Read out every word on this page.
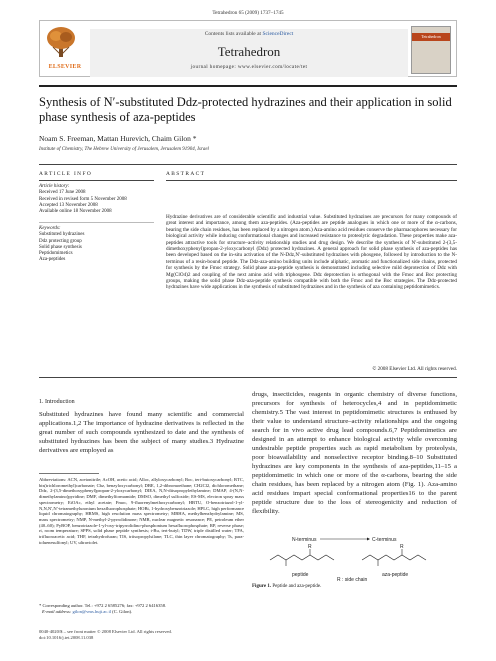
Tetrahedron 65 (2009) 1737–1745
ELSEVIER
Contents lists available at ScienceDirect
Tetrahedron
journal homepage: www.elsevier.com/locate/tet
Tetrahedron
Synthesis of N′-substituted Ddz-protected hydrazines and their application in solid phase synthesis of aza-peptides
Noam S. Freeman, Mattan Hurevich, Chaim Gilon *
Institute of Chemistry, The Hebrew University of Jerusalem, Jerusalem 91904, Israel
ARTICLE INFO	ABSTRACT
Article history:
Received 17 June 2008
Received in revised form 5 November 2008
Accepted 13 November 2008
Available online 18 November 2008
Keywords:
Substituted hydrazines
Ddz protecting group
Solid phase synthesis
Peptidomimetics
Aza-peptides
Hydrazine derivatives are of considerable scientific and industrial value. Substituted hydrazines are precursors for many compounds of great interest and importance, among them aza-peptides. (Aza-peptides are peptide analogues in which one or more of the α-carbons, bearing the side chain residues, has been replaced by a nitrogen atom.) Aza-amino acid residues conserve the pharmacophores necessary for biological activity while inducing conformational changes and increased resistance to proteolytic degradation. These properties make aza-peptides attractive tools for structure–activity relationship studies and drug design. We describe the synthesis of N′-substituted 2-(3,5-dimethoxyphenyl)propan-2-yloxycarbonyl (Ddz) protected hydrazines. A general approach for solid phase synthesis of aza-peptides has been developed based on the in-situ activation of the N-Ddz,N′-substituted hydrazines with phosgene, followed by introduction to the N-terminus of a resin-bound peptide. The Ddz-aza-amino building units include aliphatic, aromatic and functionalized side chains, protected for synthesis by the Fmoc strategy. Solid phase aza-peptide synthesis is demonstrated including selective mild deprotection of Ddz with Mg(ClO4)2 and coupling of the next amino acid with triphosgene. Ddz deprotection is orthogonal with the Fmoc and Boc protecting groups, making the solid phase Ddz-aza-peptide synthesis compatible with both the Fmoc and the Boc strategies. The Ddz-protected hydrazines have wide applications in the synthesis of substituted hydrazines and in the synthesis of aza containing peptidomimetics.
© 2008 Elsevier Ltd. All rights reserved.
1. Introduction
Substituted hydrazines have found many scientific and commercial applications.1,2 The importance of hydrazine derivatives is reflected in the great number of such compounds synthesized to date and the synthesis of substituted hydrazines has been the subject of many studies.3 Hydrazine derivatives are employed as
drugs, insecticides, reagents in organic chemistry of diverse functions, precursors for synthesis of heterocycles,4 and in peptidomimetic chemistry.5 The vast interest in peptidomimetic structures is enthused by their value to understand structure–activity relationships and the ongoing search for in vivo active drug lead compounds.6,7 Peptidomimetics are designed in an attempt to enhance biological activity while overcoming undesirable peptide properties such as rapid metabolism by proteolysis, poor bioavailability and nonselective receptor binding.8–10 Substituted hydrazines are key components in the synthesis of aza-peptides,11–15 a peptidomimetic in which one or more of the α-carbons, bearing the side chain residues, has been replaced by a nitrogen atom (Fig. 1). Aza-amino acid residues impart special conformational properties16 to the parent peptide structure due to the loss of stereogenicity and reduction of flexibility.
Abbreviations: ACN, acetonitrile; AcOH, acetic acid; Alloc, allyloxycarbonyl; Boc, tert-butoxycarbonyl; BTC, bis(trichloromethyl)carbonate; Cbz, benzyloxycarbonyl; DBE, 1,2-dibromoethane; CH2Cl2, dichloromethane; Ddz, 2-(3,5-dimethoxyphenyl)propan-2-yloxycarbonyl; DIEA, N,N-diisopropylethylamine; DMAP, 4-(N,N-dimethylamino)pyridine; DMF, dimethylformamide; DMSO, dimethyl sulfoxide; ES-MS, electron spray mass spectrometry; EtOAc, ethyl acetate; Fmoc, 9-fluorenylmethoxycarbonyl; HBTU, O-benzotriazol-1-yl-N,N,N′,N′-tetramethyluronium hexafluorophosphate; HOBt, 1-hydroxybenzotriazole; HPLC, high performance liquid chromatography; HRMS, high resolution mass spectrometry; MBHA, methylbenzhydrylamine; MS, mass spectrometry; NMP, N-methyl-2-pyrrolidinone; NMR, nuclear magnetic resonance; PE, petroleum ether (40–60); PyBOP, benzotriazole-1-yl-oxy-tripyrrolidino-phosphonium hexafluorophosphate; RP, reverse phase; rt, room temperature; SPPS, solid phase peptide synthesis; t-Bu, tert-butyl; TDW, triple distilled water; TFA, trifluoroacetic acid; THF, tetrahydrofuran; TIS, triisopropylsilane; TLC, thin layer chromatography; Ts, para-toluenesulfonyl; UV, ultraviolet.
* Corresponding author. Tel.: +972 2 6585276; fax: +972 2 6416358.
E-mail address: gilon@vms.huji.ac.il (C. Gilon).
N-terminus	C-terminus
R	R
peptide	aza-peptide
R : side chain
Figure 1. Peptide and aza-peptide.
0040-4020/$ – see front matter © 2008 Elsevier Ltd. All rights reserved.
doi:10.1016/j.tet.2008.11.038
